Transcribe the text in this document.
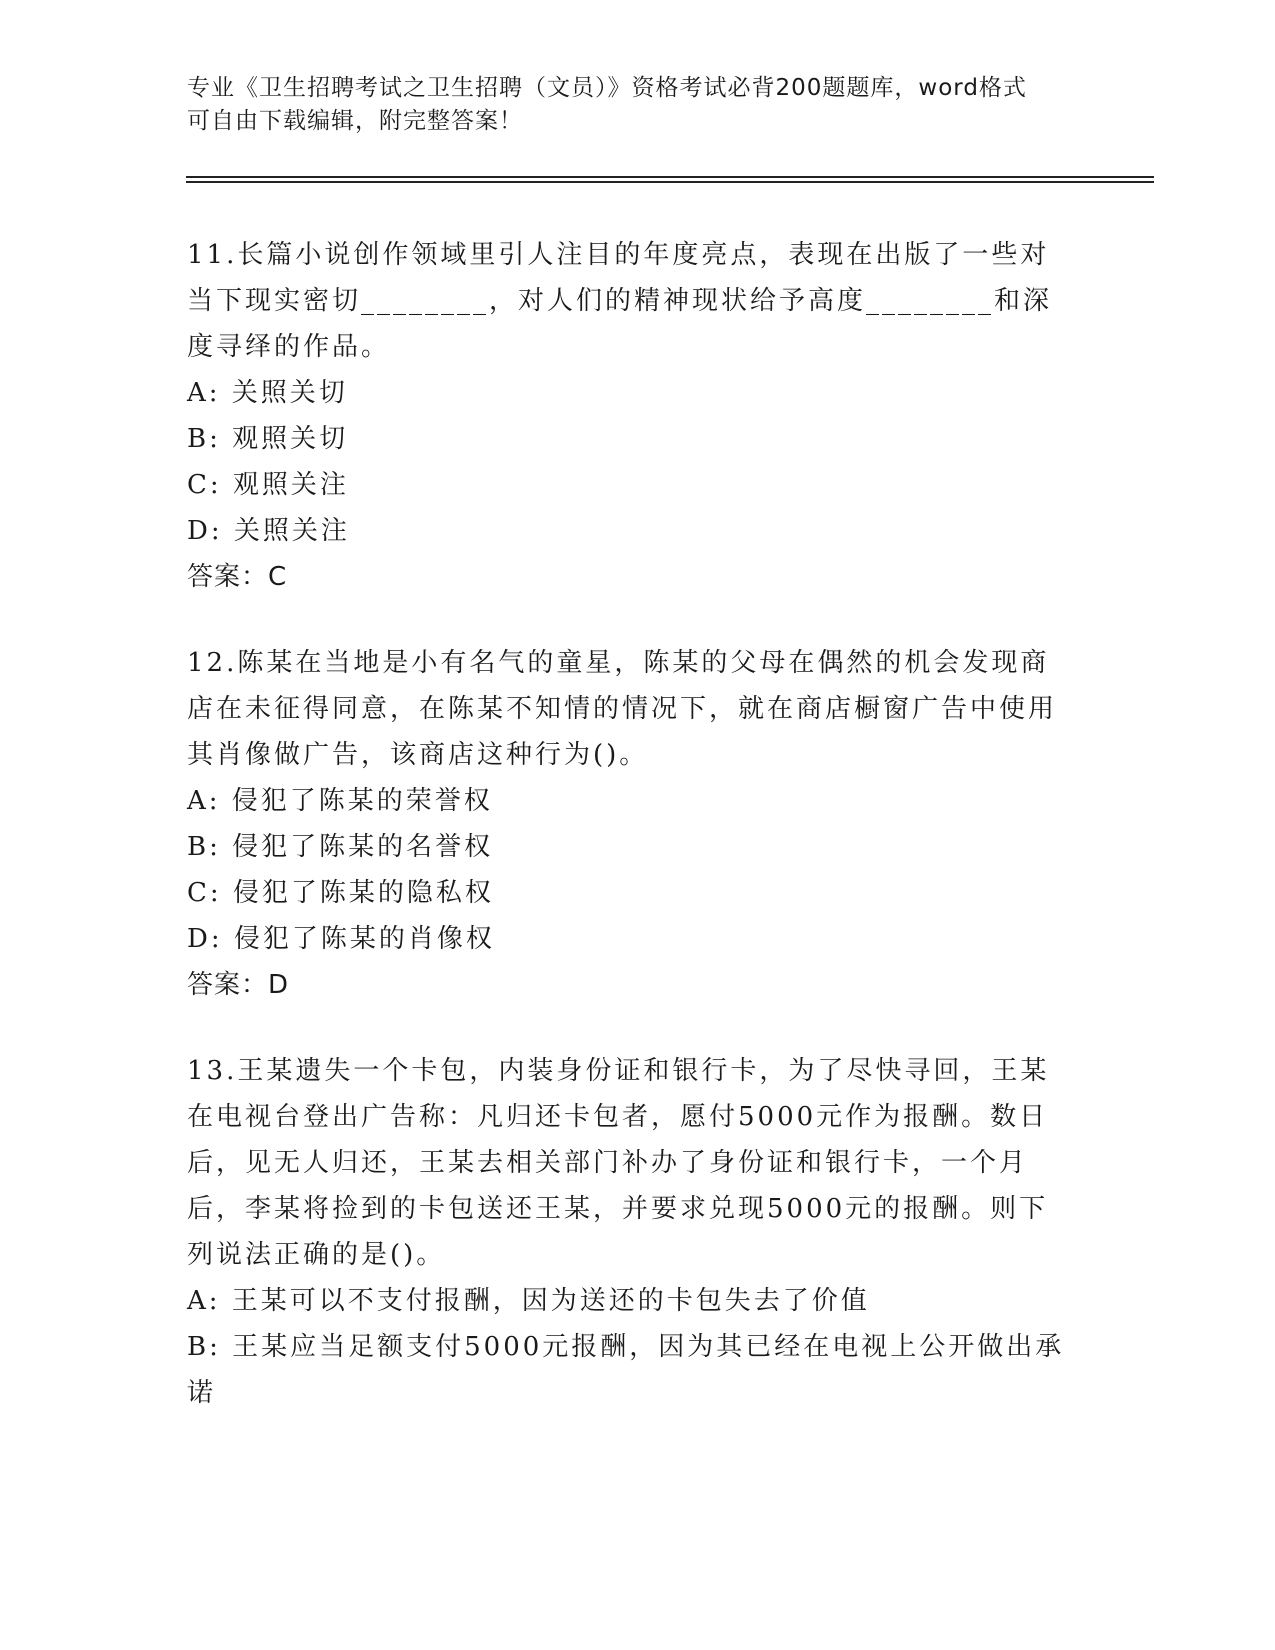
专业《卫生招聘考试之卫生招聘（文员）》资格考试必背200题题库，word格式
可自由下载编辑，附完整答案！
11.长篇小说创作领域里引人注目的年度亮点，表现在出版了一些对当下现实密切________，对人们的精神现状给予高度________和深度寻绎的作品。
A: 关照关切
B: 观照关切
C: 观照关注
D: 关照关注
答案：C
12.陈某在当地是小有名气的童星，陈某的父母在偶然的机会发现商店在未征得同意，在陈某不知情的情况下，就在商店橱窗广告中使用其肖像做广告，该商店这种行为()。
A: 侵犯了陈某的荣誉权
B: 侵犯了陈某的名誉权
C: 侵犯了陈某的隐私权
D: 侵犯了陈某的肖像权
答案：D
13.王某遗失一个卡包，内装身份证和银行卡，为了尽快寻回，王某在电视台登出广告称：凡归还卡包者，愿付5000元作为报酬。数日后，见无人归还，王某去相关部门补办了身份证和银行卡，一个月后，李某将捡到的卡包送还王某，并要求兑现5000元的报酬。则下列说法正确的是()。
A: 王某可以不支付报酬，因为送还的卡包失去了价值
B: 王某应当足额支付5000元报酬，因为其已经在电视上公开做出承诺
